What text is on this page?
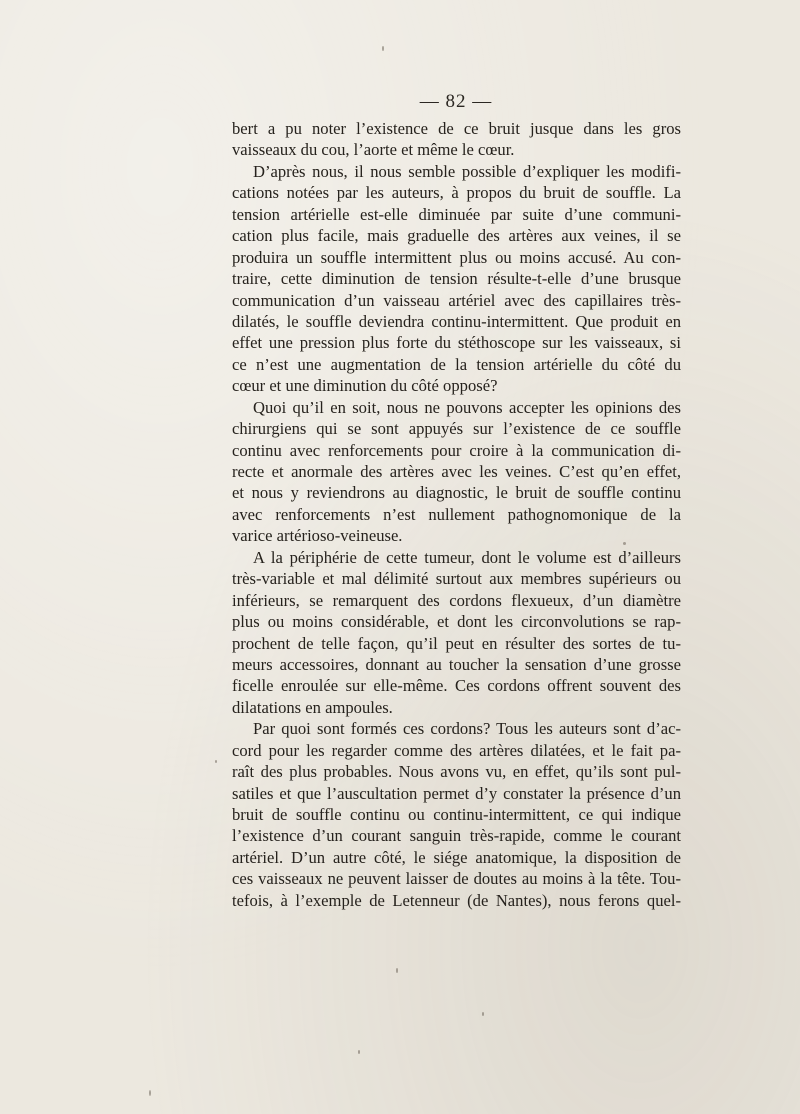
— 82 —
bert a pu noter l’existence de ce bruit jusque dans les gros
vaisseaux du cou, l’aorte et même le cœur.
D’après nous, il nous semble possible d’expliquer les modifi-
cations notées par les auteurs, à propos du bruit de souffle. La
tension artérielle est-elle diminuée par suite d’une communi-
cation plus facile, mais graduelle des artères aux veines, il se
produira un souffle intermittent plus ou moins accusé. Au con-
traire, cette diminution de tension résulte-t-elle d’une brusque
communication d’un vaisseau artériel avec des capillaires très-
dilatés, le souffle deviendra continu-intermittent. Que produit en
effet une pression plus forte du stéthoscope sur les vaisseaux, si
ce n’est une augmentation de la tension artérielle du côté du
cœur et une diminution du côté opposé?
Quoi qu’il en soit, nous ne pouvons accepter les opinions des
chirurgiens qui se sont appuyés sur l’existence de ce souffle
continu avec renforcements pour croire à la communication di-
recte et anormale des artères avec les veines. C’est qu’en effet,
et nous y reviendrons au diagnostic, le bruit de souffle continu
avec renforcements n’est nullement pathognomonique de la
varice artérioso-veineuse.
A la périphérie de cette tumeur, dont le volume est d’ailleurs
très-variable et mal délimité surtout aux membres supérieurs ou
inférieurs, se remarquent des cordons flexueux, d’un diamètre
plus ou moins considérable, et dont les circonvolutions se rap-
prochent de telle façon, qu’il peut en résulter des sortes de tu-
meurs accessoires, donnant au toucher la sensation d’une grosse
ficelle enroulée sur elle-même. Ces cordons offrent souvent des
dilatations en ampoules.
Par quoi sont formés ces cordons? Tous les auteurs sont d’ac-
cord pour les regarder comme des artères dilatées, et le fait pa-
raît des plus probables. Nous avons vu, en effet, qu’ils sont pul-
satiles et que l’auscultation permet d’y constater la présence d’un
bruit de souffle continu ou continu-intermittent, ce qui indique
l’existence d’un courant sanguin très-rapide, comme le courant
artériel. D’un autre côté, le siége anatomique, la disposition de
ces vaisseaux ne peuvent laisser de doutes au moins à la tête. Tou-
tefois, à l’exemple de Letenneur (de Nantes), nous ferons quel-
